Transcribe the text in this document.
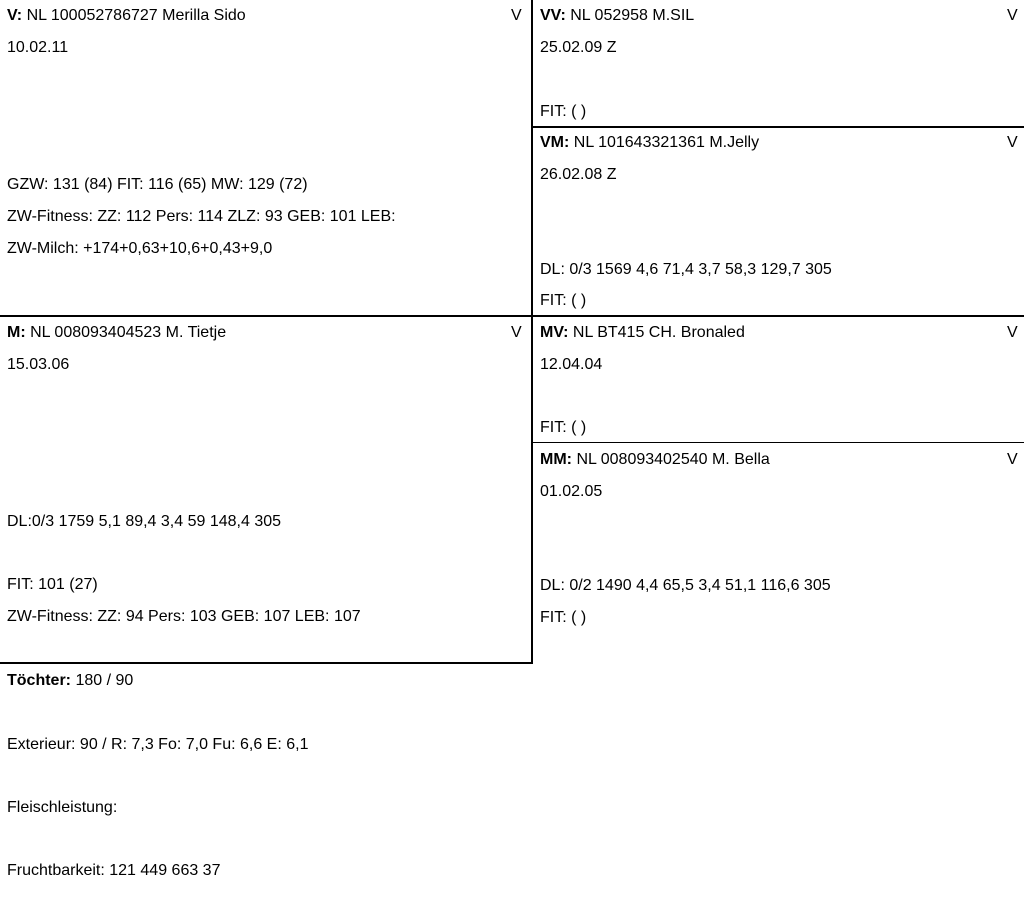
V: NL 100052786727 Merilla Sido	V
10.02.11
GZW: 131 (84) FIT: 116 (65) MW: 129 (72)
ZW-Fitness: ZZ: 112 Pers: 114 ZLZ: 93 GEB: 101 LEB:
ZW-Milch: +174+0,63+10,6+0,43+9,0
VV: NL 052958 M.SIL	V
25.02.09 Z
FIT: ( )
VM: NL 101643321361 M.Jelly	V
26.02.08 Z
DL: 0/3 1569 4,6 71,4 3,7 58,3 129,7 305
FIT: ( )
M: NL 008093404523 M. Tietje	V
15.03.06
DL:0/3 1759 5,1 89,4 3,4 59 148,4 305
FIT: 101 (27)
ZW-Fitness: ZZ: 94 Pers: 103 GEB: 107 LEB: 107
MV: NL BT415 CH. Bronaled	V
12.04.04
FIT: ( )
MM: NL 008093402540 M. Bella	V
01.02.05
DL: 0/2 1490 4,4 65,5 3,4 51,1 116,6 305
FIT: ( )
Töchter: 180 / 90
Exterieur: 90 / R: 7,3 Fo: 7,0 Fu: 6,6 E: 6,1
Fleischleistung:
Fruchtbarkeit: 121 449 663 37
